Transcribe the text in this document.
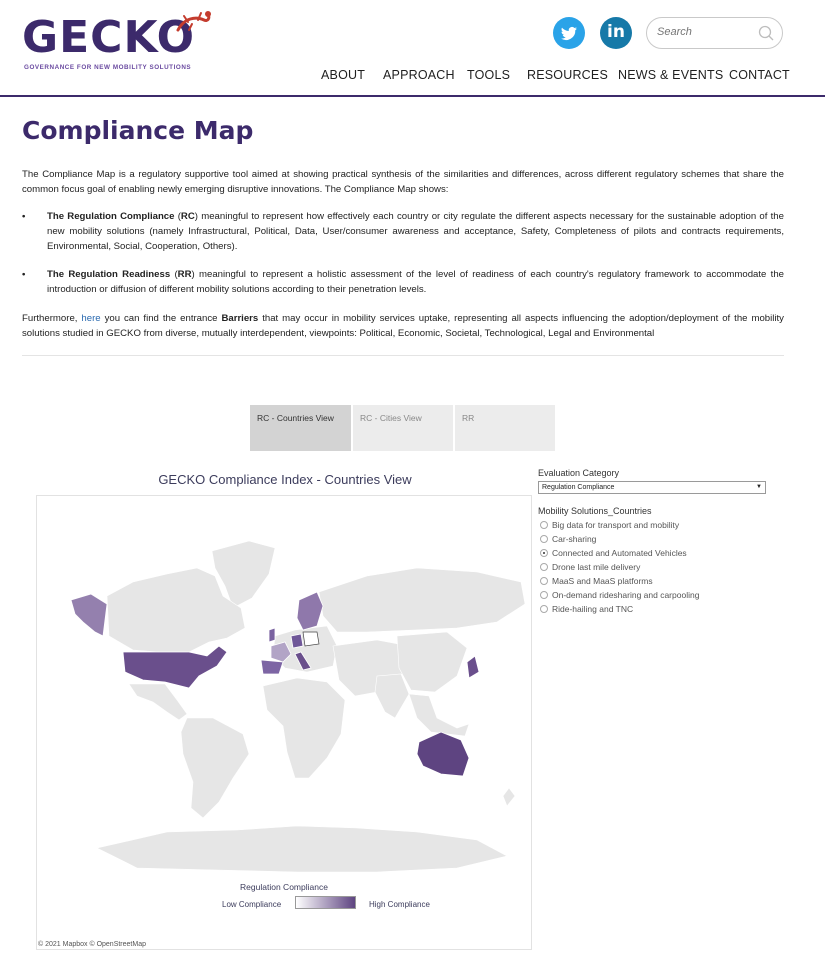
GECKO
GOVERNANCE FOR NEW MOBILITY SOLUTIONS
in
Search
ABOUT APPROACH TOOLS RESOURCES NEWS & EVENTS CONTACT
Compliance Map

The Compliance Map is a regulatory supportive tool aimed at showing practical synthesis of the similarities and differences, across different regulatory schemes that share the common focus goal of enabling newly emerging disruptive innovations. The Compliance Map shows:

• The Regulation Compliance (RC) meaningful to represent how effectively each country or city regulate the different aspects necessary for the sustainable adoption of the new mobility solutions (namely Infrastructural, Political, Data, User/consumer awareness and acceptance, Safety, Completeness of pilots and contracts requirements, Environmental, Social, Cooperation, Others).
• The Regulation Readiness (RR) meaningful to represent a holistic assessment of the level of readiness of each country's regulatory framework to accommodate the introduction or diffusion of different mobility solutions according to their penetration levels.

Furthermore, here you can find the entrance Barriers that may occur in mobility services uptake, representing all aspects influencing the adoption/deployment of the mobility solutions studied in GECKO from diverse, mutually interdependent, viewpoints: Political, Economic, Societal, Technological, Legal and Environmental

RC - Countries View	RC - Cities View	RR
GECKO Compliance Index - Countries View
Regulation Compliance
Low Compliance	High Compliance
© 2021 Mapbox © OpenStreetMap
Evaluation Category
Regulation Compliance	▼
Mobility Solutions_Countries
Big data for transport and mobility
Car-sharing
Connected and Automated Vehicles
Drone last mile delivery
MaaS and MaaS platforms
On-demand ridesharing and carpooling
Ride-hailing and TNC
